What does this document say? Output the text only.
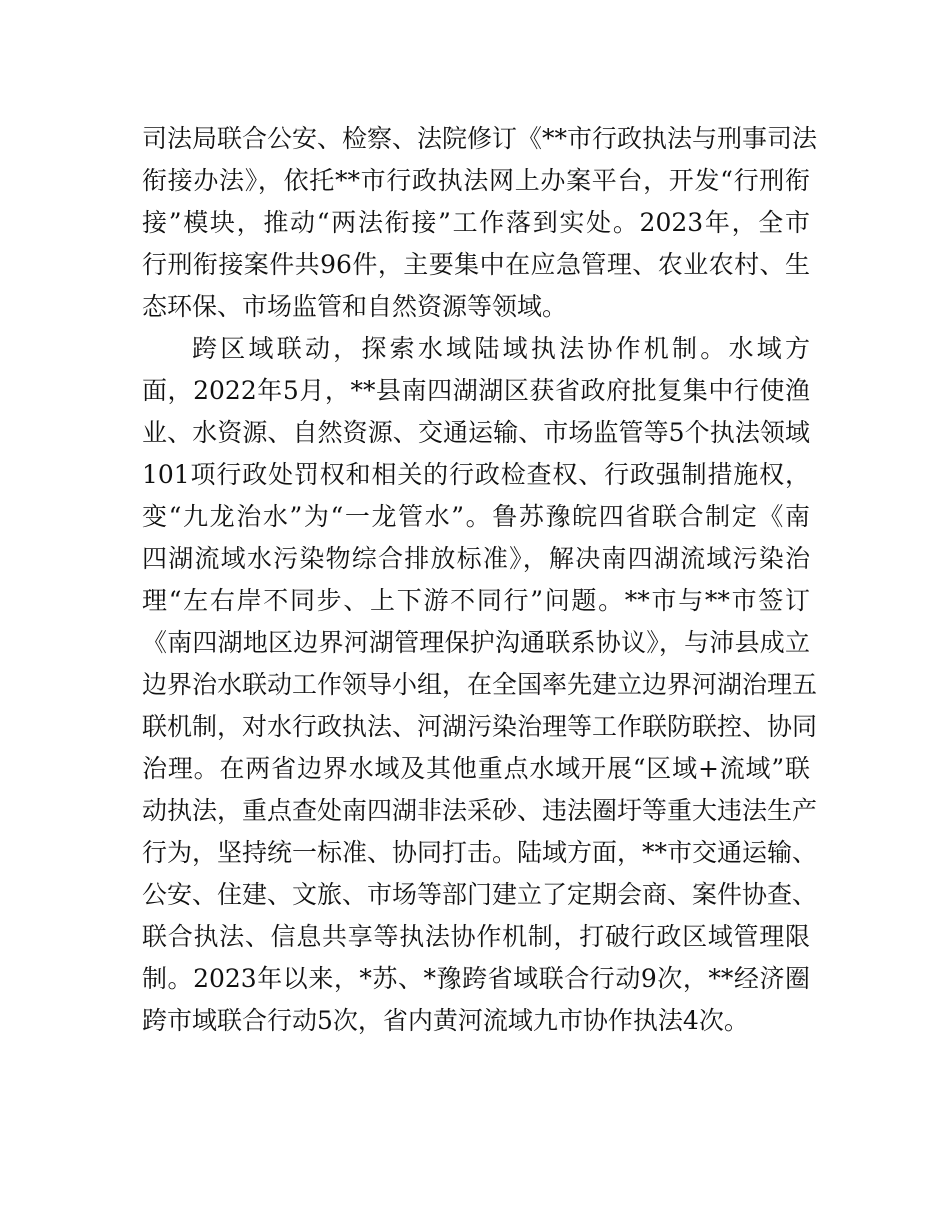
司法局联合公安、检察、法院修订《**市行政执法与刑事司法
衔接办法》，依托**市行政执法网上办案平台，开发“行刑衔
接”模块，推动“两法衔接”工作落到实处。2023年，全市
行刑衔接案件共96件，主要集中在应急管理、农业农村、生
态环保、市场监管和自然资源等领域。
跨区域联动，探索水域陆域执法协作机制。水域方
面，2022年5月，**县南四湖湖区获省政府批复集中行使渔
业、水资源、自然资源、交通运输、市场监管等5个执法领域
101项行政处罚权和相关的行政检查权、行政强制措施权，
变“九龙治水”为“一龙管水”。鲁苏豫皖四省联合制定《南
四湖流域水污染物综合排放标准》，解决南四湖流域污染治
理“左右岸不同步、上下游不同行”问题。**市与**市签订
《南四湖地区边界河湖管理保护沟通联系协议》，与沛县成立
边界治水联动工作领导小组，在全国率先建立边界河湖治理五
联机制，对水行政执法、河湖污染治理等工作联防联控、协同
治理。在两省边界水域及其他重点水域开展“区域+流域”联
动执法，重点查处南四湖非法采砂、违法圈圩等重大违法生产
行为，坚持统一标准、协同打击。陆域方面，**市交通运输、
公安、住建、文旅、市场等部门建立了定期会商、案件协查、
联合执法、信息共享等执法协作机制，打破行政区域管理限
制。2023年以来，*苏、*豫跨省域联合行动9次，**经济圈
跨市域联合行动5次，省内黄河流域九市协作执法4次。
